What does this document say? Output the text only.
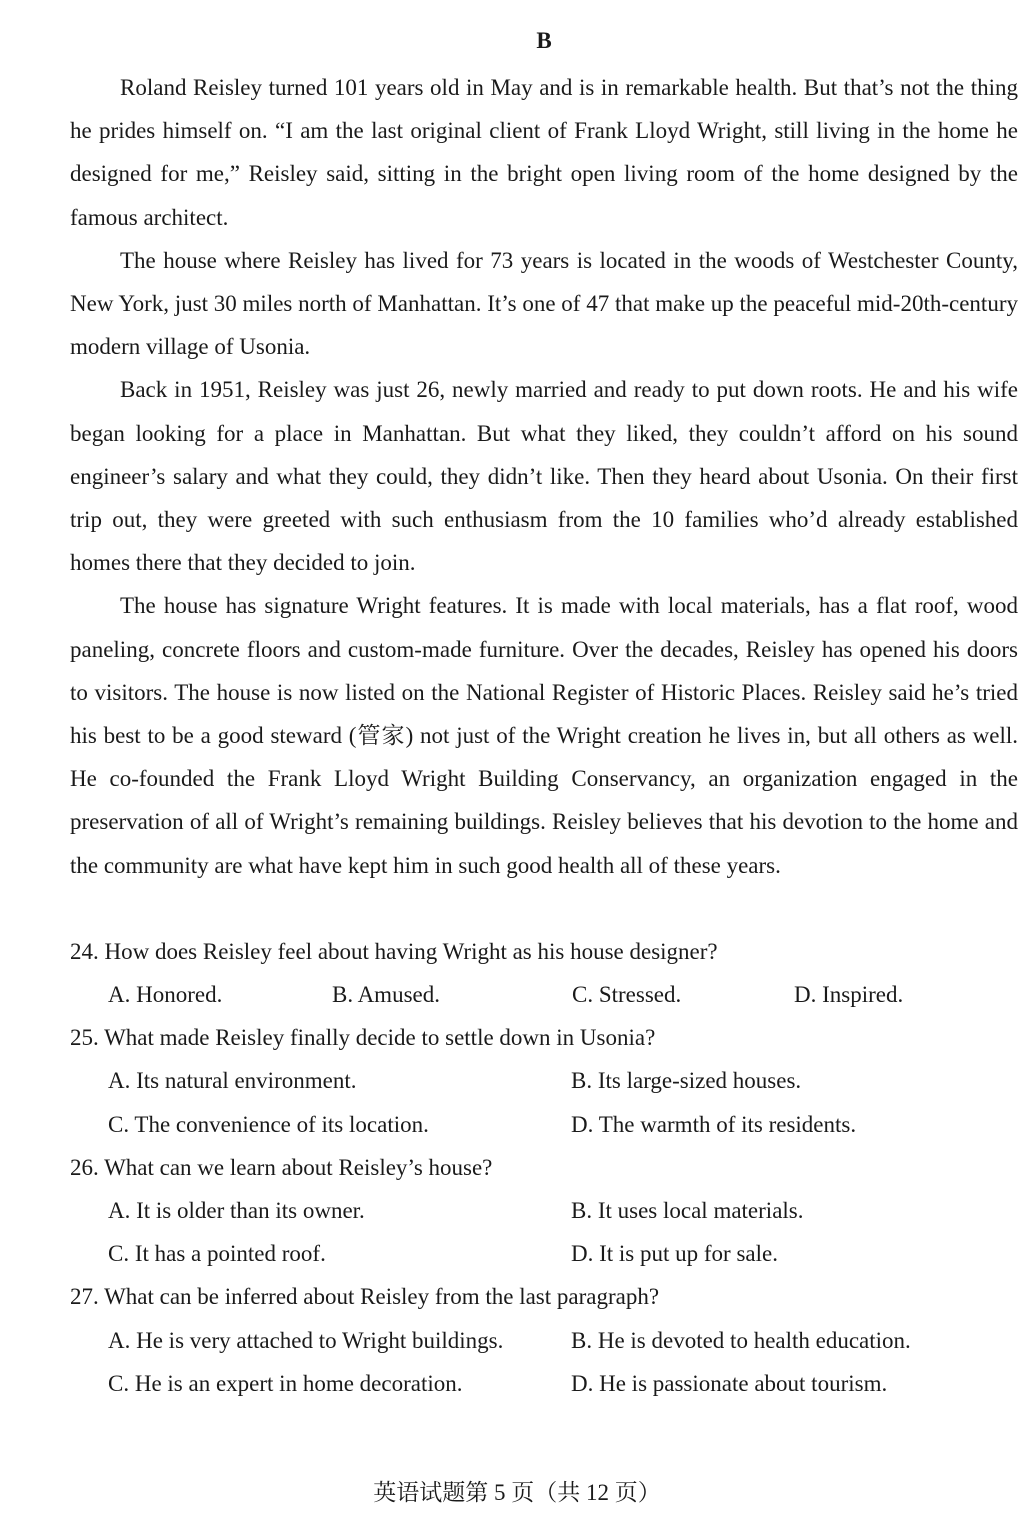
B

Roland Reisley turned 101 years old in May and is in remarkable health. But that’s not the thing he prides himself on. “I am the last original client of Frank Lloyd Wright, still living in the home he designed for me,” Reisley said, sitting in the bright open living room of the home designed by the famous architect.

The house where Reisley has lived for 73 years is located in the woods of Westchester County, New York, just 30 miles north of Manhattan. It’s one of 47 that make up the peaceful mid-20th-century modern village of Usonia.

Back in 1951, Reisley was just 26, newly married and ready to put down roots. He and his wife began looking for a place in Manhattan. But what they liked, they couldn’t afford on his sound engineer’s salary and what they could, they didn’t like. Then they heard about Usonia. On their first trip out, they were greeted with such enthusiasm from the 10 families who’d already established homes there that they decided to join.

The house has signature Wright features. It is made with local materials, has a flat roof, wood paneling, concrete floors and custom-made furniture. Over the decades, Reisley has opened his doors to visitors. The house is now listed on the National Register of Historic Places. Reisley said he’s tried his best to be a good steward (管家) not just of the Wright creation he lives in, but all others as well. He co-founded the Frank Lloyd Wright Building Conservancy, an organization engaged in the preservation of all of Wright’s remaining buildings. Reisley believes that his devotion to the home and the community are what have kept him in such good health all of these years.

24. How does Reisley feel about having Wright as his house designer?

A. Honored.	B. Amused.	C. Stressed.	D. Inspired.

25. What made Reisley finally decide to settle down in Usonia?

A. Its natural environment.	B. Its large-sized houses.
C. The convenience of its location.	D. The warmth of its residents.

26. What can we learn about Reisley’s house?

A. It is older than its owner.	B. It uses local materials.
C. It has a pointed roof.	D. It is put up for sale.

27. What can be inferred about Reisley from the last paragraph?

A. He is very attached to Wright buildings.	B. He is devoted to health education.
C. He is an expert in home decoration.	D. He is passionate about tourism.
英语试题第 5 页（共 12 页）
